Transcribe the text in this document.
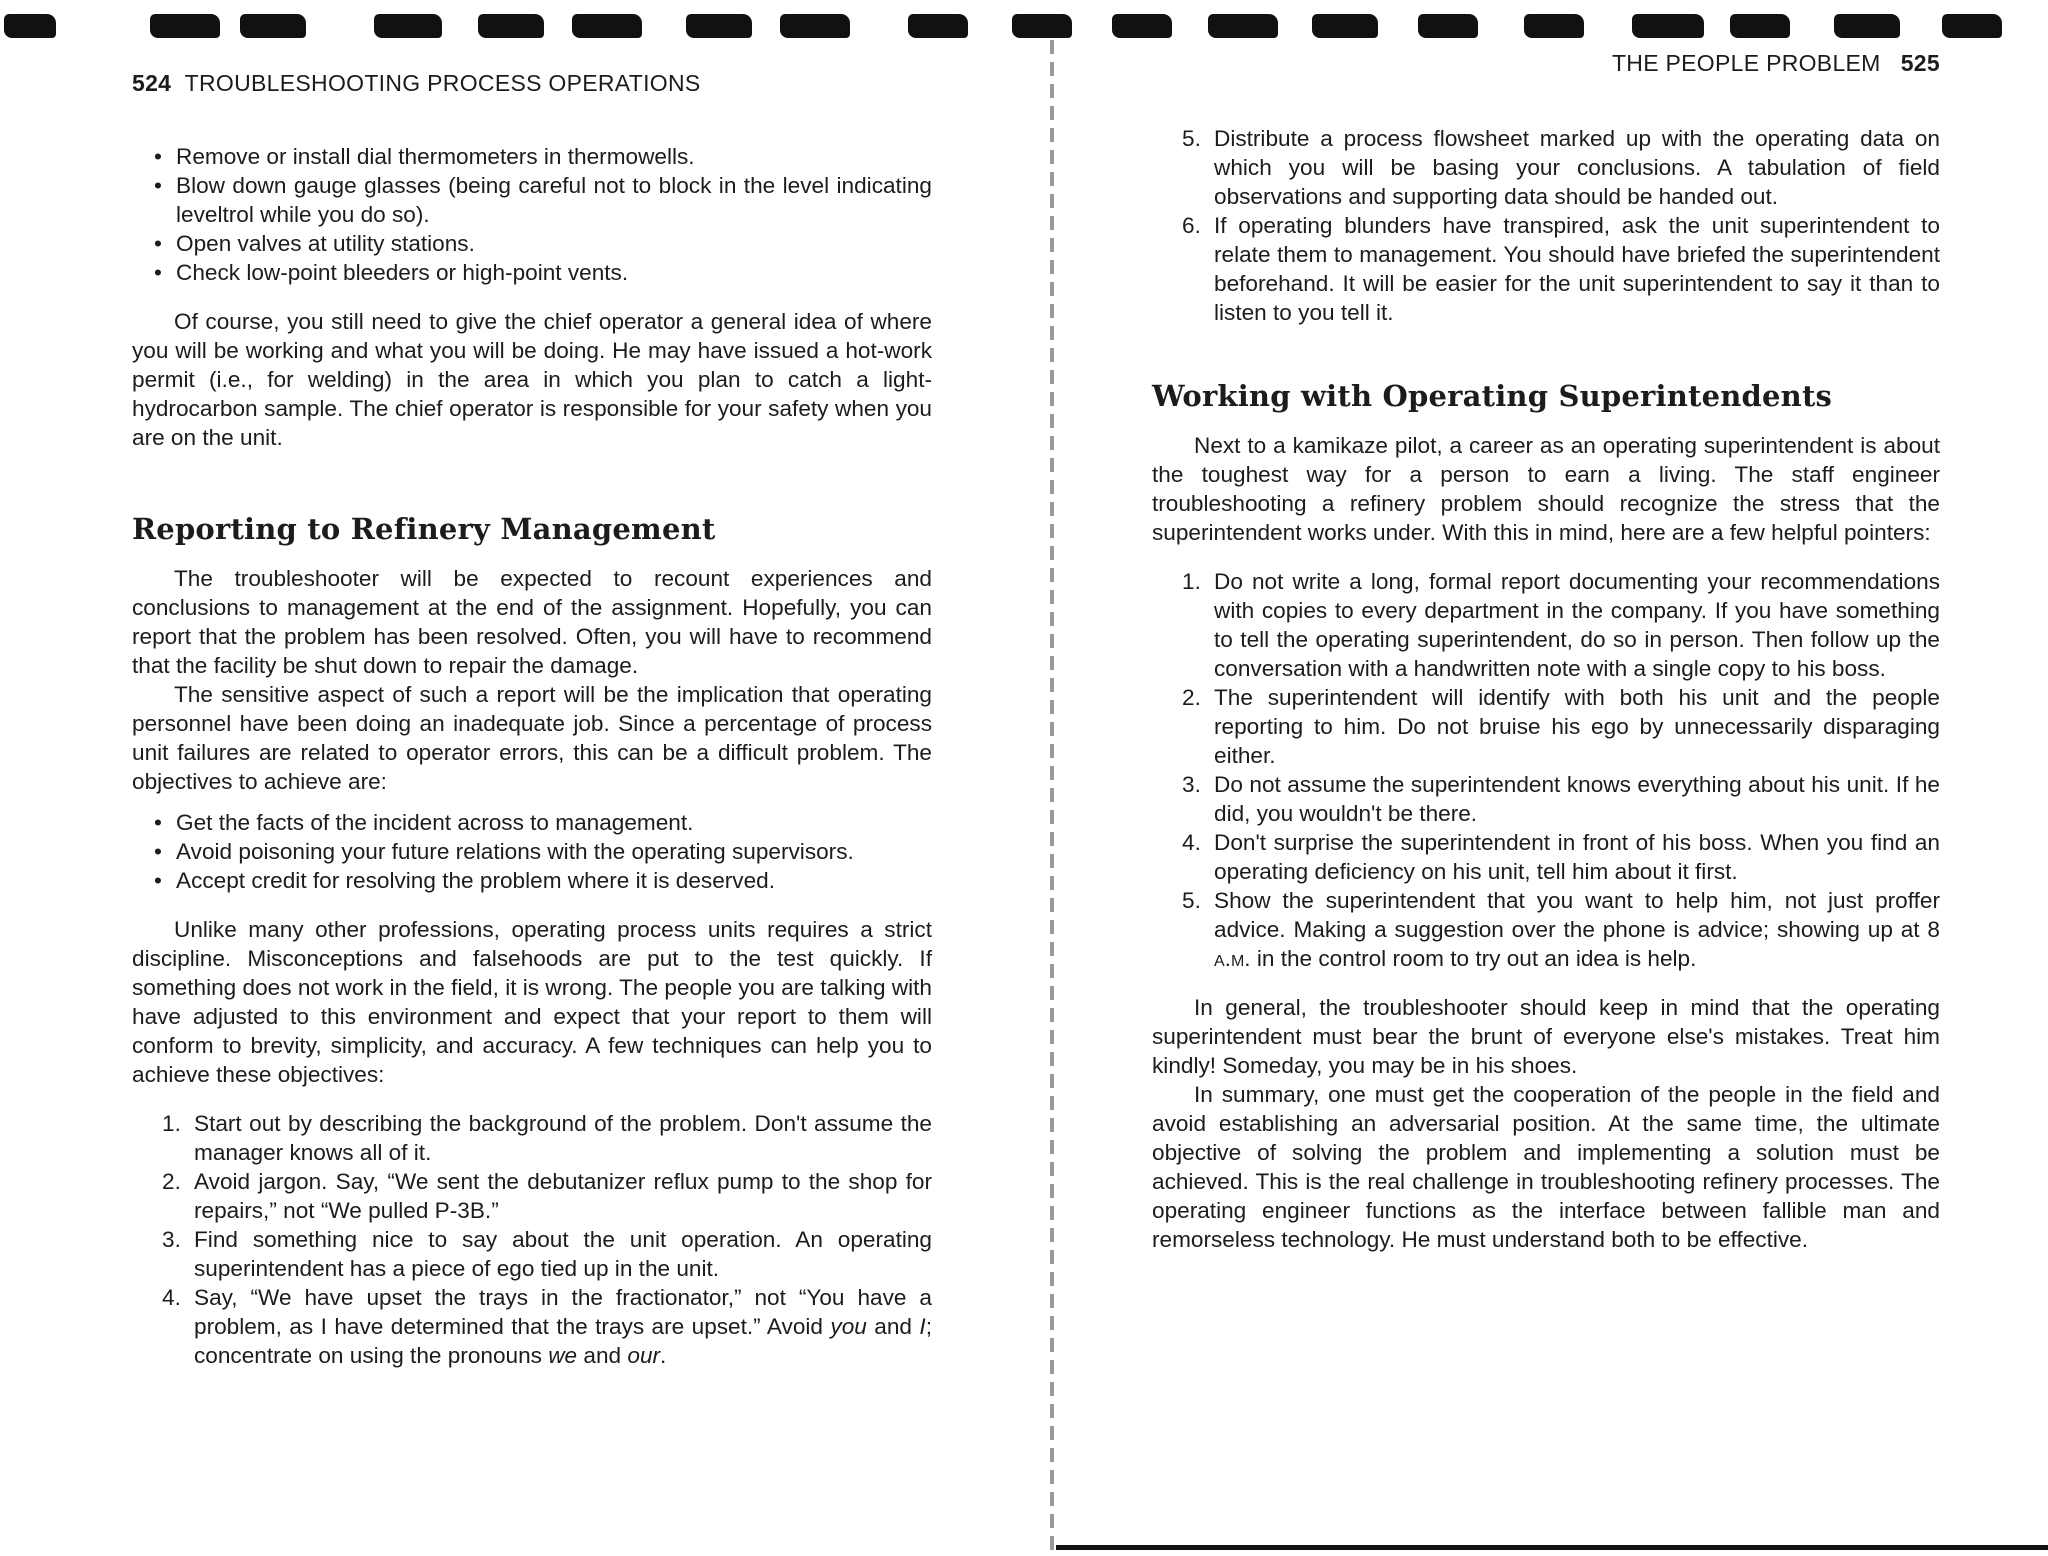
524 TROUBLESHOOTING PROCESS OPERATIONS
• Remove or install dial thermometers in thermowells.
• Blow down gauge glasses (being careful not to block in the level indicating leveltrol while you do so).
• Open valves at utility stations.
• Check low-point bleeders or high-point vents.

Of course, you still need to give the chief operator a general idea of where you will be working and what you will be doing. He may have issued a hot-work permit (i.e., for welding) in the area in which you plan to catch a light-hydrocarbon sample. The chief operator is responsible for your safety when you are on the unit.

Reporting to Refinery Management

The troubleshooter will be expected to recount experiences and conclusions to management at the end of the assignment. Hopefully, you can report that the problem has been resolved. Often, you will have to recommend that the facility be shut down to repair the damage.

The sensitive aspect of such a report will be the implication that operating personnel have been doing an inadequate job. Since a percentage of process unit failures are related to operator errors, this can be a difficult problem. The objectives to achieve are:

• Get the facts of the incident across to management.
• Avoid poisoning your future relations with the operating supervisors.
• Accept credit for resolving the problem where it is deserved.

Unlike many other professions, operating process units requires a strict discipline. Misconceptions and falsehoods are put to the test quickly. If something does not work in the field, it is wrong. The people you are talking with have adjusted to this environment and expect that your report to them will conform to brevity, simplicity, and accuracy. A few techniques can help you to achieve these objectives:

1. Start out by describing the background of the problem. Don't assume the manager knows all of it.
2. Avoid jargon. Say, “We sent the debutanizer reflux pump to the shop for repairs,” not “We pulled P-3B.”
3. Find something nice to say about the unit operation. An operating superintendent has a piece of ego tied up in the unit.
4. Say, “We have upset the trays in the fractionator,” not “You have a problem, as I have determined that the trays are upset.” Avoid you and I; concentrate on using the pronouns we and our.
THE PEOPLE PROBLEM 525
5. Distribute a process flowsheet marked up with the operating data on which you will be basing your conclusions. A tabulation of field observations and supporting data should be handed out.
6. If operating blunders have transpired, ask the unit superintendent to relate them to management. You should have briefed the superintendent beforehand. It will be easier for the unit superintendent to say it than to listen to you tell it.
Working with Operating Superintendents

Next to a kamikaze pilot, a career as an operating superintendent is about the toughest way for a person to earn a living. The staff engineer troubleshooting a refinery problem should recognize the stress that the superintendent works under. With this in mind, here are a few helpful pointers:

1. Do not write a long, formal report documenting your recommendations with copies to every department in the company. If you have something to tell the operating superintendent, do so in person. Then follow up the conversation with a handwritten note with a single copy to his boss.
2. The superintendent will identify with both his unit and the people reporting to him. Do not bruise his ego by unnecessarily disparaging either.
3. Do not assume the superintendent knows everything about his unit. If he did, you wouldn't be there.
4. Don't surprise the superintendent in front of his boss. When you find an operating deficiency on his unit, tell him about it first.
5. Show the superintendent that you want to help him, not just proffer advice. Making a suggestion over the phone is advice; showing up at 8 a.m. in the control room to try out an idea is help.

In general, the troubleshooter should keep in mind that the operating superintendent must bear the brunt of everyone else's mistakes. Treat him kindly! Someday, you may be in his shoes.

In summary, one must get the cooperation of the people in the field and avoid establishing an adversarial position. At the same time, the ultimate objective of solving the problem and implementing a solution must be achieved. This is the real challenge in troubleshooting refinery processes. The operating engineer functions as the interface between fallible man and remorseless technology. He must understand both to be effective.
